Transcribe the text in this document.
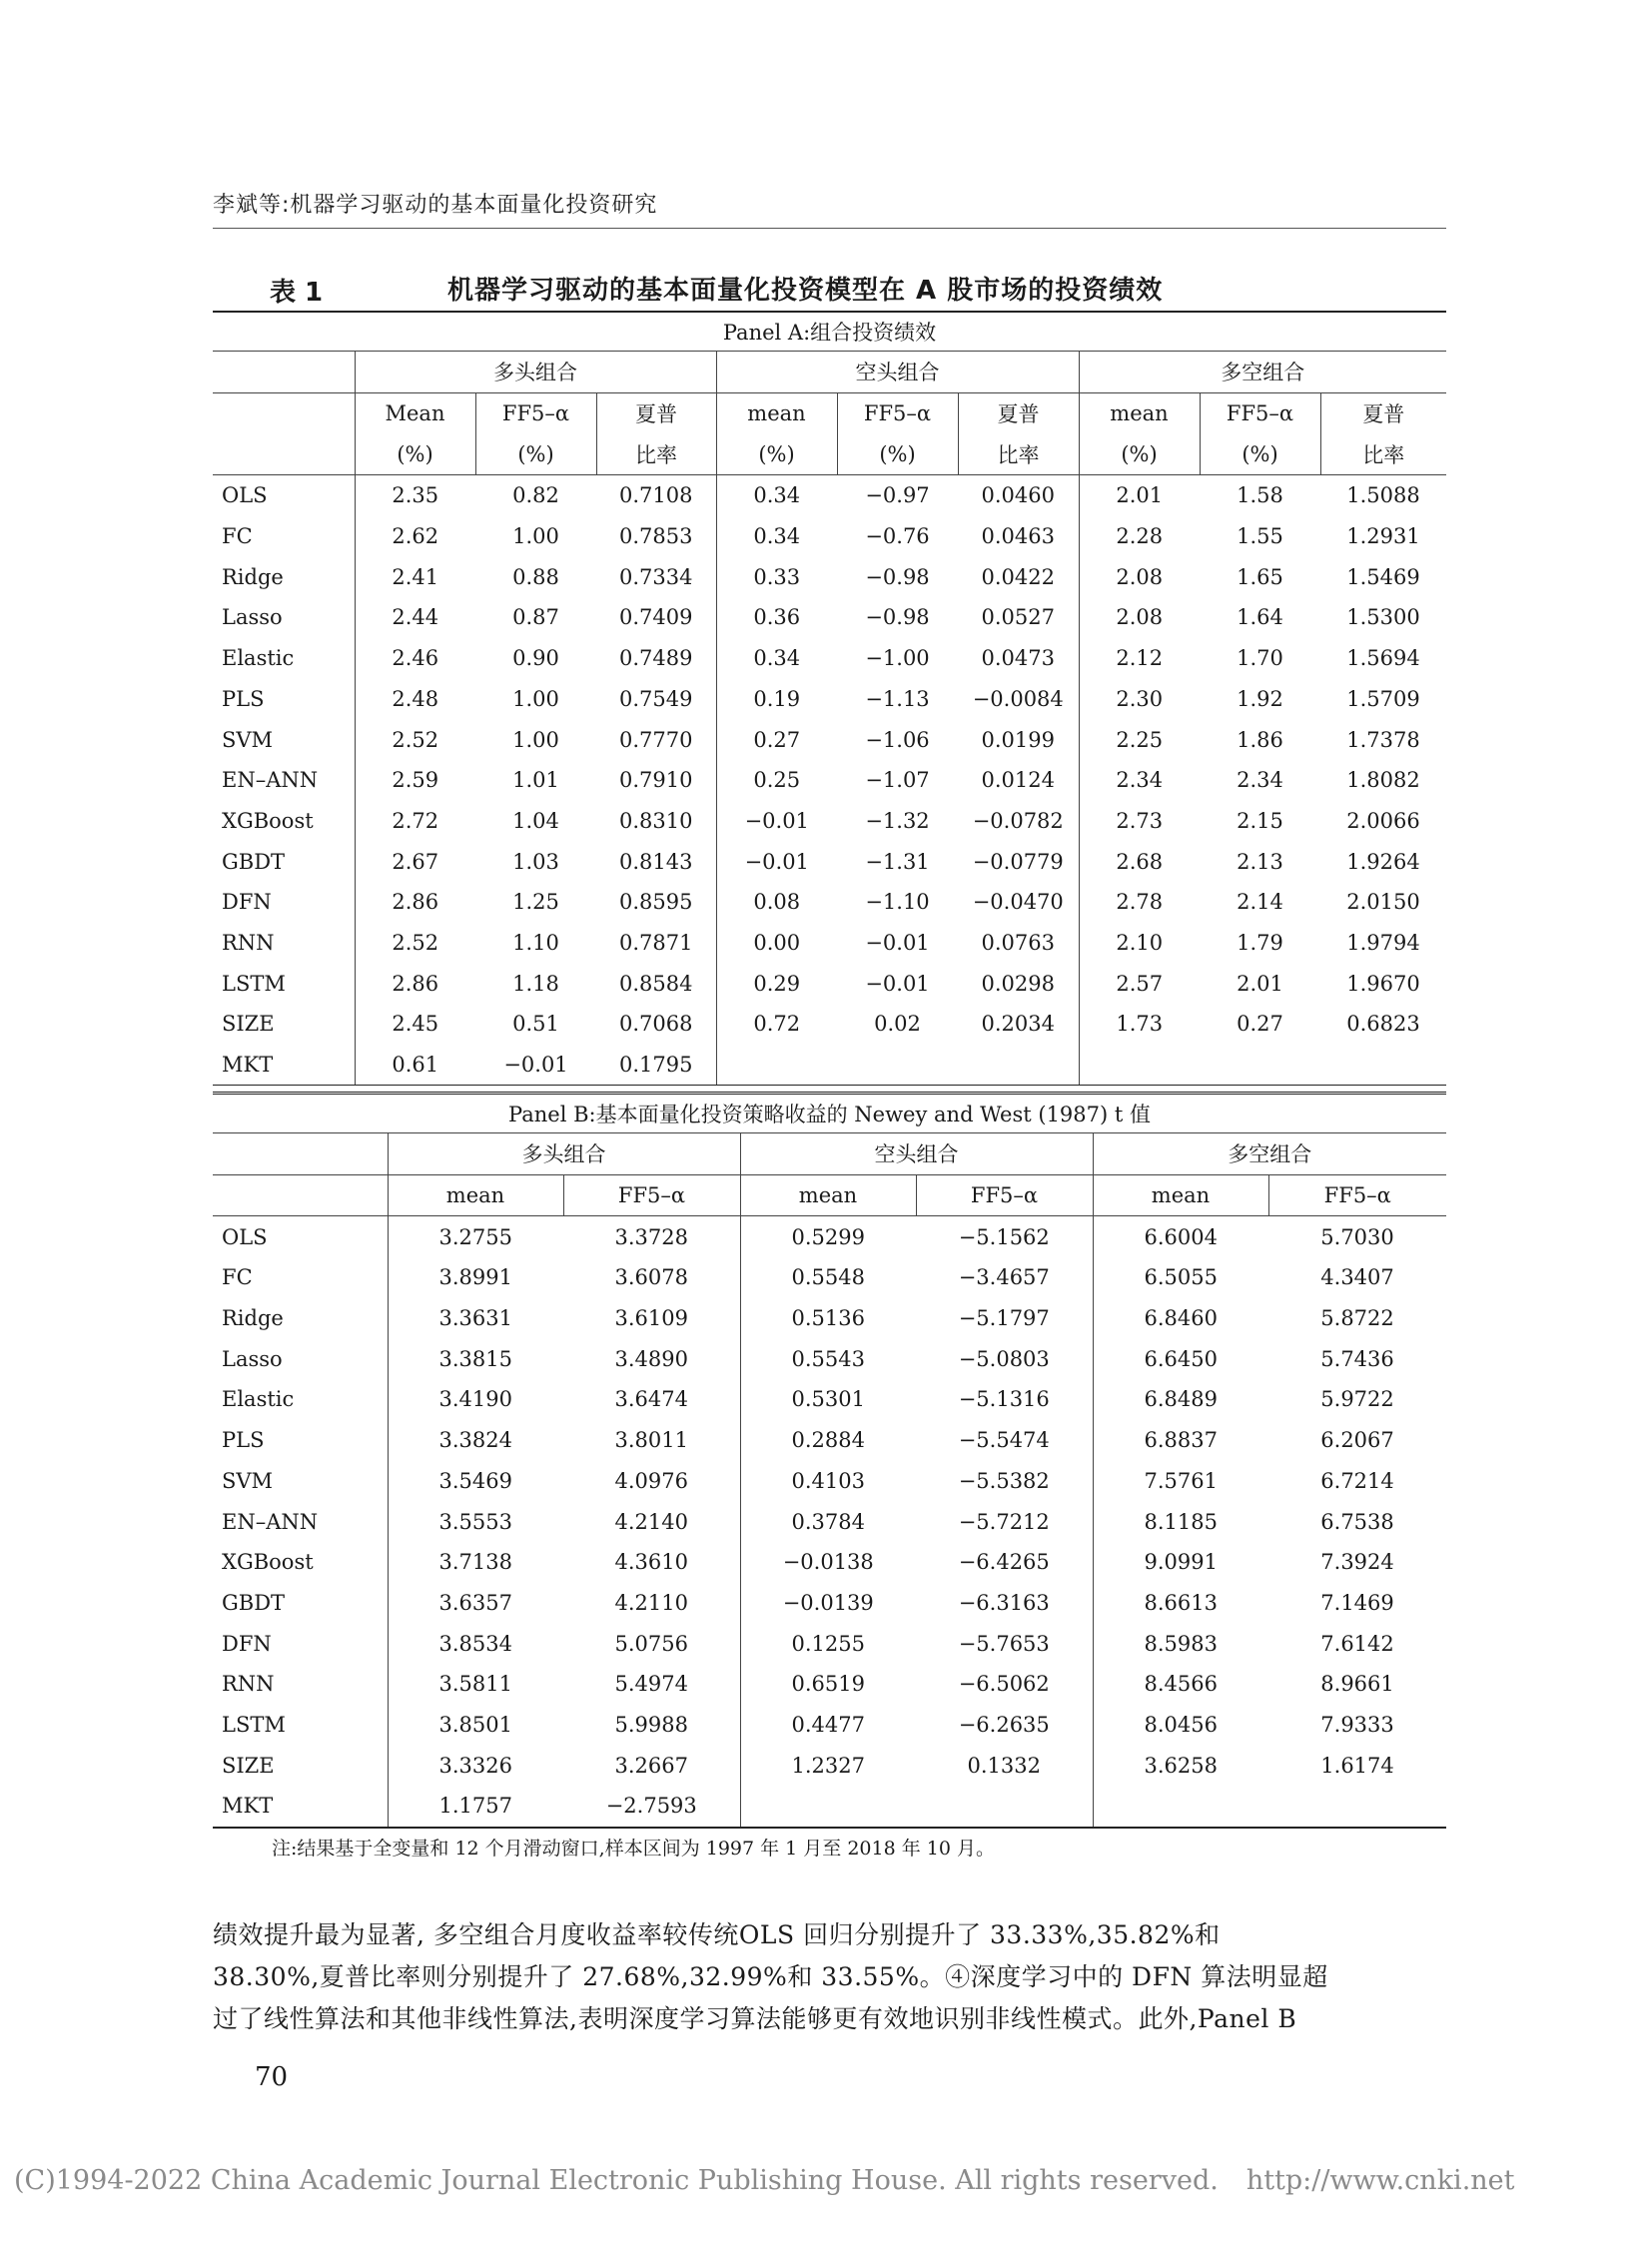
李斌等:机器学习驱动的基本面量化投资研究
表 1	机器学习驱动的基本面量化投资模型在 A 股市场的投资绩效
Panel A:组合投资绩效									
	多头组合			空头组合			多空组合		
	Mean	FF5–α	夏普	mean	FF5–α	夏普	mean	FF5–α	夏普
	(%)	(%)	比率	(%)	(%)	比率	(%)	(%)	比率
OLS	2.35	0.82	0.7108	0.34	−0.97	0.0460	2.01	1.58	1.5088
FC	2.62	1.00	0.7853	0.34	−0.76	0.0463	2.28	1.55	1.2931
Ridge	2.41	0.88	0.7334	0.33	−0.98	0.0422	2.08	1.65	1.5469
Lasso	2.44	0.87	0.7409	0.36	−0.98	0.0527	2.08	1.64	1.5300
Elastic	2.46	0.90	0.7489	0.34	−1.00	0.0473	2.12	1.70	1.5694
PLS	2.48	1.00	0.7549	0.19	−1.13	−0.0084	2.30	1.92	1.5709
SVM	2.52	1.00	0.7770	0.27	−1.06	0.0199	2.25	1.86	1.7378
EN–ANN	2.59	1.01	0.7910	0.25	−1.07	0.0124	2.34	2.34	1.8082
XGBoost	2.72	1.04	0.8310	−0.01	−1.32	−0.0782	2.73	2.15	2.0066
GBDT	2.67	1.03	0.8143	−0.01	−1.31	−0.0779	2.68	2.13	1.9264
DFN	2.86	1.25	0.8595	0.08	−1.10	−0.0470	2.78	2.14	2.0150
RNN	2.52	1.10	0.7871	0.00	−0.01	0.0763	2.10	1.79	1.9794
LSTM	2.86	1.18	0.8584	0.29	−0.01	0.0298	2.57	2.01	1.9670
SIZE	2.45	0.51	0.7068	0.72	0.02	0.2034	1.73	0.27	0.6823
MKT	0.61	−0.01	0.1795						
Panel B:基本面量化投资策略收益的 Newey and West (1987) t 值						
	多头组合		空头组合		多空组合	
	mean	FF5–α	mean	FF5–α	mean	FF5–α
OLS	3.2755	3.3728	0.5299	−5.1562	6.6004	5.7030
FC	3.8991	3.6078	0.5548	−3.4657	6.5055	4.3407
Ridge	3.3631	3.6109	0.5136	−5.1797	6.8460	5.8722
Lasso	3.3815	3.4890	0.5543	−5.0803	6.6450	5.7436
Elastic	3.4190	3.6474	0.5301	−5.1316	6.8489	5.9722
PLS	3.3824	3.8011	0.2884	−5.5474	6.8837	6.2067
SVM	3.5469	4.0976	0.4103	−5.5382	7.5761	6.7214
EN–ANN	3.5553	4.2140	0.3784	−5.7212	8.1185	6.7538
XGBoost	3.7138	4.3610	−0.0138	−6.4265	9.0991	7.3924
GBDT	3.6357	4.2110	−0.0139	−6.3163	8.6613	7.1469
DFN	3.8534	5.0756	0.1255	−5.7653	8.5983	7.6142
RNN	3.5811	5.4974	0.6519	−6.5062	8.4566	8.9661
LSTM	3.8501	5.9988	0.4477	−6.2635	8.0456	7.9333
SIZE	3.3326	3.2667	1.2327	0.1332	3.6258	1.6174
MKT	1.1757	−2.7593				
注:结果基于全变量和 12 个月滑动窗口,样本区间为 1997 年 1 月至 2018 年 10 月。
绩效提升最为显著, 多空组合月度收益率较传统OLS 回归分别提升了 33.33%,35.82%和
38.30%,夏普比率则分别提升了 27.68%,32.99%和 33.55%。④深度学习中的 DFN 算法明显超
过了线性算法和其他非线性算法,表明深度学习算法能够更有效地识别非线性模式。此外,Panel B
70
(C)1994-2022 China Academic Journal Electronic Publishing House. All rights reserved. http://www.cnki.net
